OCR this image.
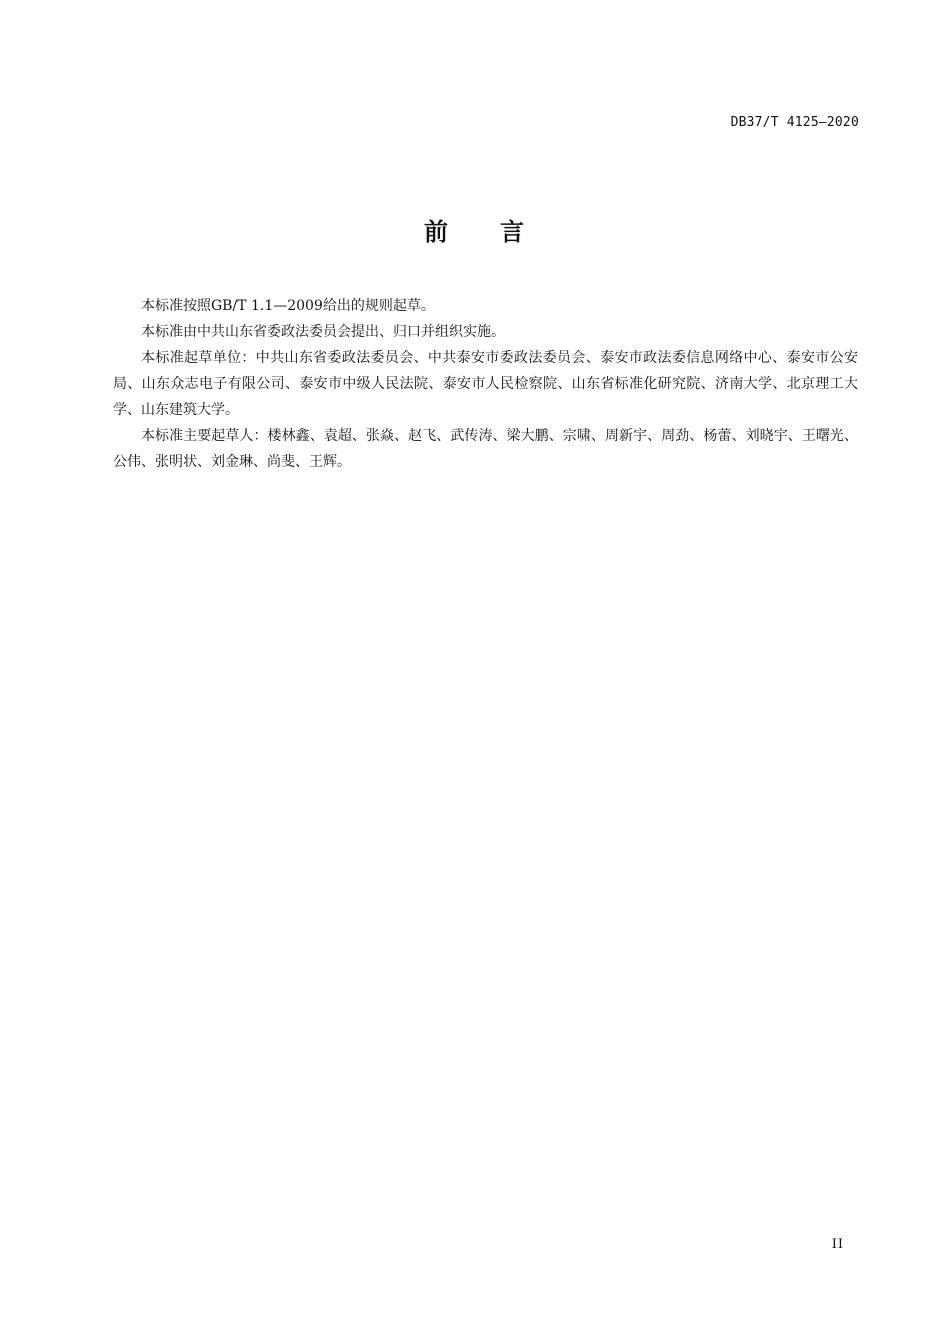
DB37/T 4125—2020
前 言

本标准按照GB/T 1.1—2009给出的规则起草。

本标准由中共山东省委政法委员会提出、归口并组织实施。

本标准起草单位：中共山东省委政法委员会、中共泰安市委政法委员会、泰安市政法委信息网络中心、泰安市公安局、山东众志电子有限公司、泰安市中级人民法院、泰安市人民检察院、山东省标准化研究院、济南大学、北京理工大学、山东建筑大学。

本标准主要起草人：楼林鑫、袁超、张焱、赵飞、武传涛、梁大鹏、宗啸、周新宇、周劲、杨蕾、刘晓宇、王曙光、公伟、张明状、刘金琳、尚斐、王辉。

II
